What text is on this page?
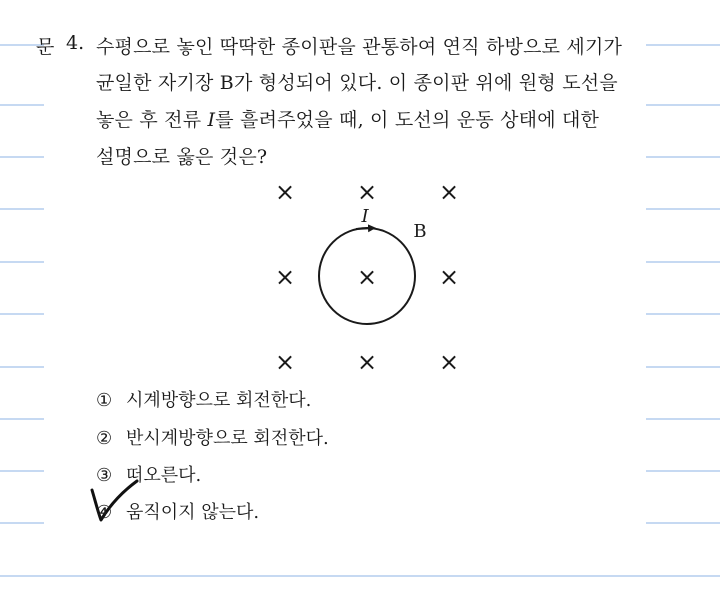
문 4. 수평으로 놓인 딱딱한 종이판을 관통하여 연직 하방으로 세기가
균일한 자기장 B가 형성되어 있다. 이 종이판 위에 원형 도선을
놓은 후 전류 I를 흘려주었을 때, 이 도선의 운동 상태에 대한
설명으로 옳은 것은?
×	×	×
×	×	×
×	×	×
I
B
① 시계방향으로 회전한다.
② 반시계방향으로 회전한다.
③ 떠오른다.
④ 움직이지 않는다.
